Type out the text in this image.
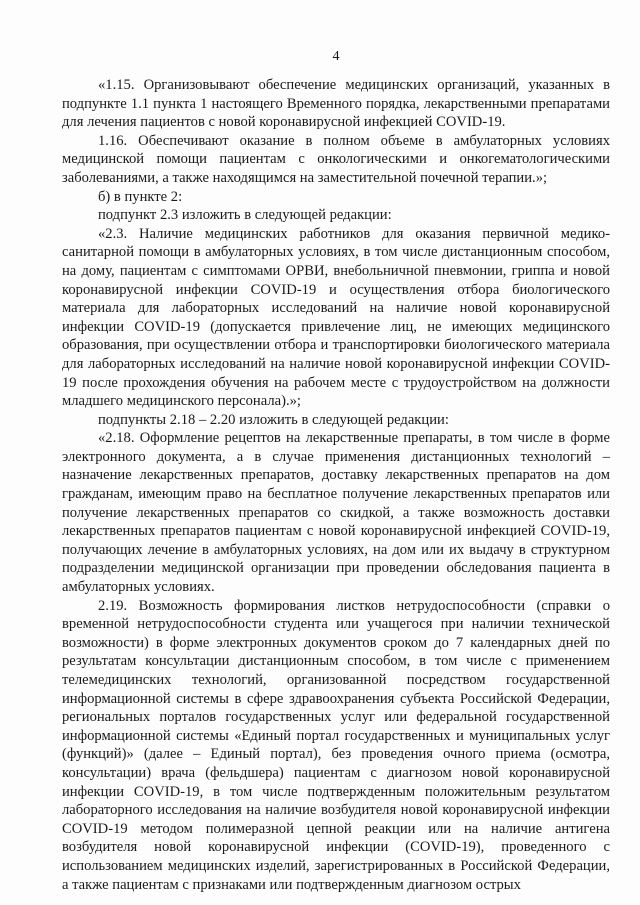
4

«1.15. Организовывают обеспечение медицинских организаций, указанных в подпункте 1.1 пункта 1 настоящего Временного порядка, лекарственными препаратами для лечения пациентов с новой коронавирусной инфекцией COVID-19.

1.16. Обеспечивают оказание в полном объеме в амбулаторных условиях медицинской помощи пациентам с онкологическими и онкогематологическими заболеваниями, а также находящимся на заместительной почечной терапии.»;

б) в пункте 2:

подпункт 2.3 изложить в следующей редакции:

«2.3. Наличие медицинских работников для оказания первичной медико-санитарной помощи в амбулаторных условиях, в том числе дистанционным способом, на дому, пациентам с симптомами ОРВИ, внебольничной пневмонии, гриппа и новой коронавирусной инфекции COVID-19 и осуществления отбора биологического материала для лабораторных исследований на наличие новой коронавирусной инфекции COVID-19 (допускается привлечение лиц, не имеющих медицинского образования, при осуществлении отбора и транспортировки биологического материала для лабораторных исследований на наличие новой коронавирусной инфекции COVID-19 после прохождения обучения на рабочем месте с трудоустройством на должности младшего медицинского персонала).»;

подпункты 2.18 – 2.20 изложить в следующей редакции:

«2.18. Оформление рецептов на лекарственные препараты, в том числе в форме электронного документа, а в случае применения дистанционных технологий – назначение лекарственных препаратов, доставку лекарственных препаратов на дом гражданам, имеющим право на бесплатное получение лекарственных препаратов или получение лекарственных препаратов со скидкой, а также возможность доставки лекарственных препаратов пациентам с новой коронавирусной инфекцией COVID-19, получающих лечение в амбулаторных условиях, на дом или их выдачу в структурном подразделении медицинской организации при проведении обследования пациента в амбулаторных условиях.

2.19. Возможность формирования листков нетрудоспособности (справки о временной нетрудоспособности студента или учащегося при наличии технической возможности) в форме электронных документов сроком до 7 календарных дней по результатам консультации дистанционным способом, в том числе с применением телемедицинских технологий, организованной посредством государственной информационной системы в сфере здравоохранения субъекта Российской Федерации, региональных порталов государственных услуг или федеральной государственной информационной системы «Единый портал государственных и муниципальных услуг (функций)» (далее – Единый портал), без проведения очного приема (осмотра, консультации) врача (фельдшера) пациентам с диагнозом новой коронавирусной инфекции COVID-19, в том числе подтвержденным положительным результатом лабораторного исследования на наличие возбудителя новой коронавирусной инфекции COVID-19 методом полимеразной цепной реакции или на наличие антигена возбудителя новой коронавирусной инфекции (COVID-19), проведенного с использованием медицинских изделий, зарегистрированных в Российской Федерации, а также пациентам с признаками или подтвержденным диагнозом острых
